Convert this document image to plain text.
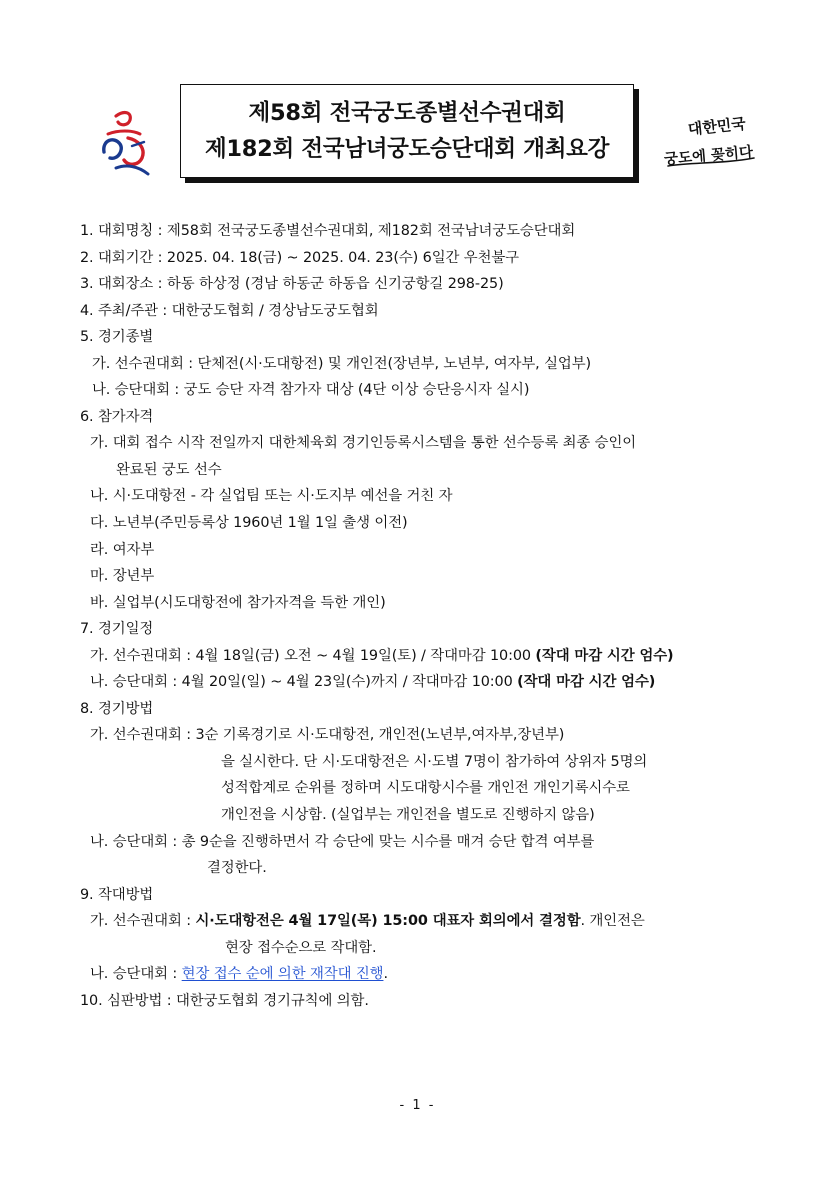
제58회 전국궁도종별선수권대회
제182회 전국남녀궁도승단대회 개최요강
대한민국
궁도에 꽂히다
1. 대회명칭 : 제58회 전국궁도종별선수권대회, 제182회 전국남녀궁도승단대회
2. 대회기간 : 2025. 04. 18(금) ~ 2025. 04. 23(수) 6일간 우천불구
3. 대회장소 : 하동 하상정 (경남 하동군 하동읍 신기궁항길 298-25)
4. 주최/주관 : 대한궁도협회 / 경상남도궁도협회
5. 경기종별
가. 선수권대회 : 단체전(시·도대항전) 및 개인전(장년부, 노년부, 여자부, 실업부)
나. 승단대회 : 궁도 승단 자격 참가자 대상 (4단 이상 승단응시자 실시)
6. 참가자격
가. 대회 접수 시작 전일까지 대한체육회 경기인등록시스템을 통한 선수등록 최종 승인이
완료된 궁도 선수
나. 시·도대항전 - 각 실업팀 또는 시·도지부 예선을 거친 자
다. 노년부(주민등록상 1960년 1월 1일 출생 이전)
라. 여자부
마. 장년부
바. 실업부(시도대항전에 참가자격을 득한 개인)
7. 경기일정
가. 선수권대회 : 4월 18일(금) 오전 ~ 4월 19일(토) / 작대마감 10:00 (작대 마감 시간 엄수)
나. 승단대회 : 4월 20일(일) ~ 4월 23일(수)까지 / 작대마감 10:00 (작대 마감 시간 엄수)
8. 경기방법
가. 선수권대회 : 3순 기록경기로 시·도대항전, 개인전(노년부,여자부,장년부)
을 실시한다. 단 시·도대항전은 시·도별 7명이 참가하여 상위자 5명의
성적합계로 순위를 정하며 시도대항시수를 개인전 개인기록시수로
개인전을 시상함. (실업부는 개인전을 별도로 진행하지 않음)
나. 승단대회 : 총 9순을 진행하면서 각 승단에 맞는 시수를 매겨 승단 합격 여부를
결정한다.
9. 작대방법
가. 선수권대회 : 시·도대항전은 4월 17일(목) 15:00 대표자 회의에서 결정함. 개인전은
현장 접수순으로 작대함.
나. 승단대회 : 현장 접수 순에 의한 재작대 진행.
10. 심판방법 : 대한궁도협회 경기규칙에 의함.
- 1 -
